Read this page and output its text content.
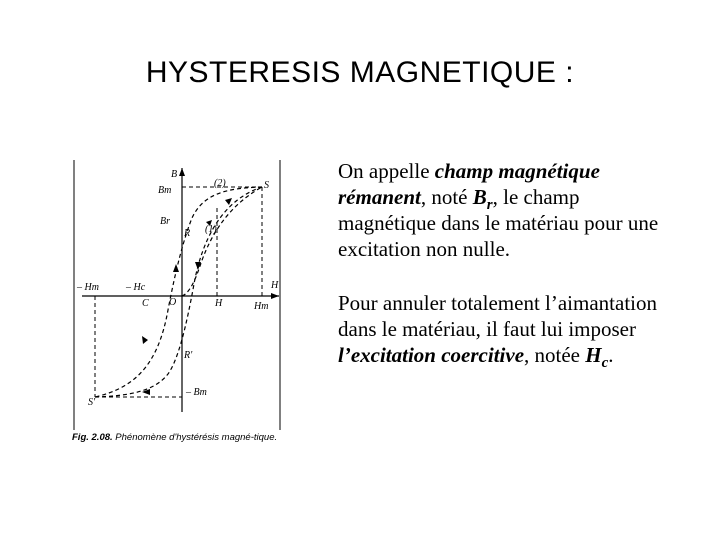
HYSTERESIS MAGNETIQUE :
B
Bm
Br
(2)
(1)
S
R
H
Hm
– Hm	– Hc
C O	H
R'
S'
– Bm
Fig. 2.08. Phénomène d'hystérésis magné-tique.

On appelle champ magnétique rémanent, noté $B_r$, le champ magnétique dans le matériau pour une excitation non nulle.

Pour annuler totalement l’aimantation dans le matériau, il faut lui imposer l’excitation coercitive, notée $H_c$.
